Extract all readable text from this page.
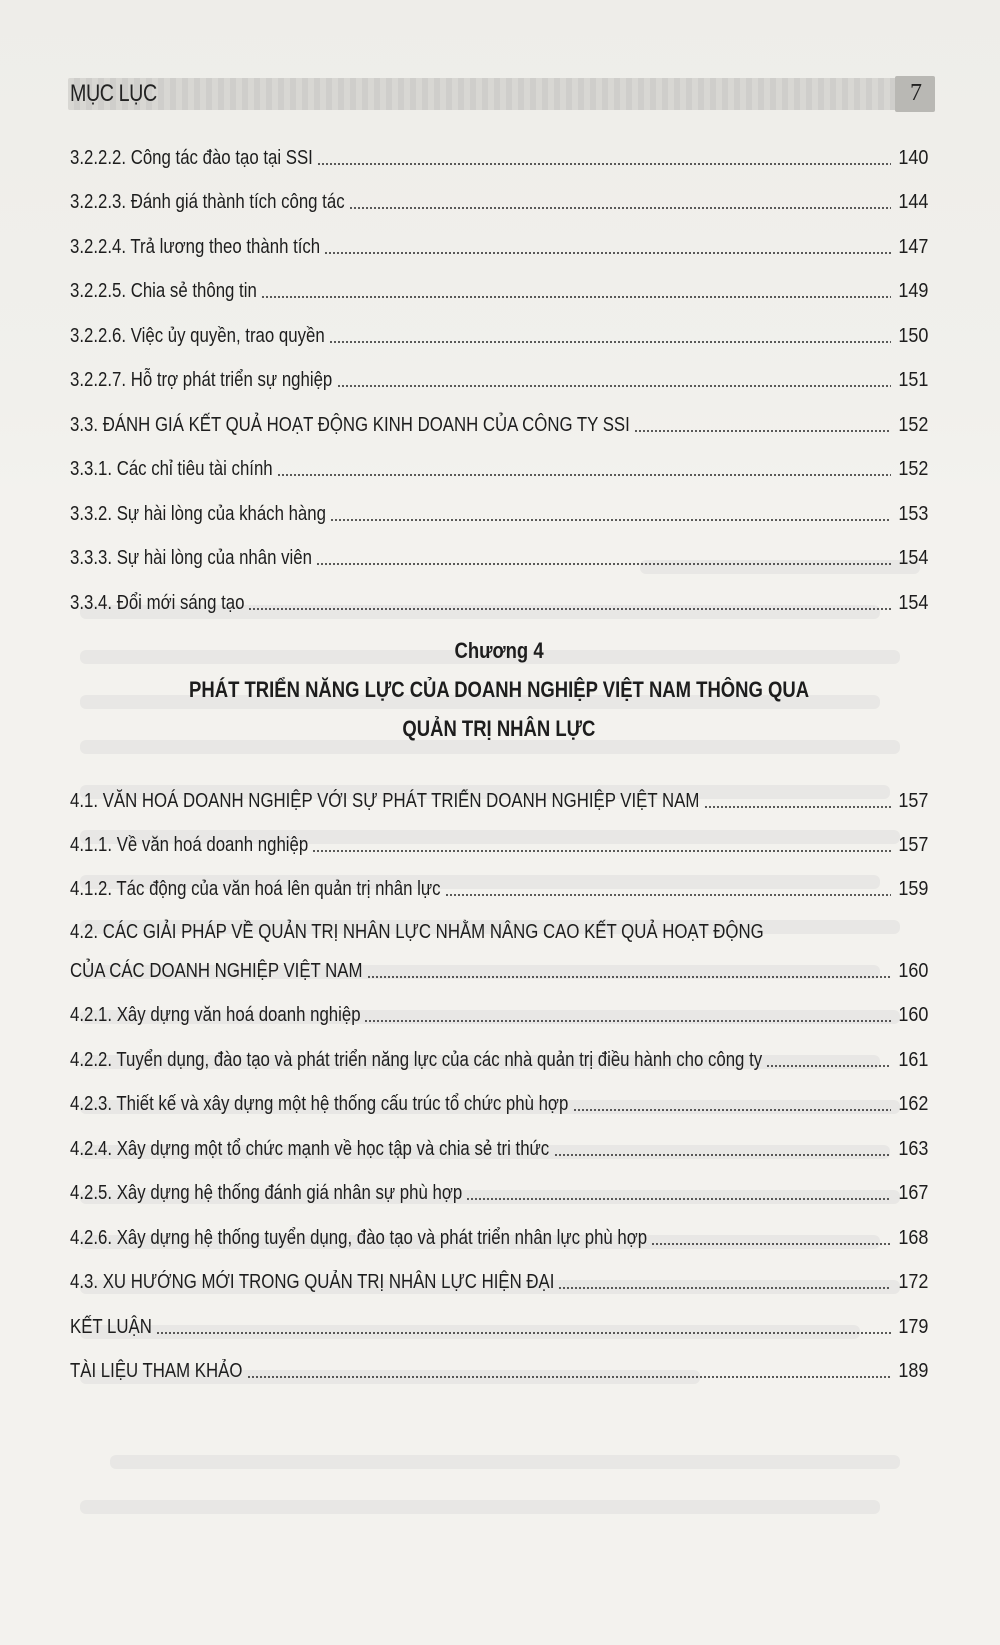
MỤC LỤC	7
3.2.2.2. Công tác đào tạo tại SSI	140
3.2.2.3. Đánh giá thành tích công tác	144
3.2.2.4. Trả lương theo thành tích	147
3.2.2.5. Chia sẻ thông tin	149
3.2.2.6. Việc ủy quyền, trao quyền	150
3.2.2.7. Hỗ trợ phát triển sự nghiệp	151
3.3. ĐÁNH GIÁ KẾT QUẢ HOẠT ĐỘNG KINH DOANH CỦA CÔNG TY SSI	152
3.3.1. Các chỉ tiêu tài chính	152
3.3.2. Sự hài lòng của khách hàng	153
3.3.3. Sự hài lòng của nhân viên	154
3.3.4. Đổi mới sáng tạo	154
Chương 4
PHÁT TRIỂN NĂNG LỰC CỦA DOANH NGHIỆP VIỆT NAM THÔNG QUA
QUẢN TRỊ NHÂN LỰC
4.1. VĂN HOÁ DOANH NGHIỆP VỚI SỰ PHÁT TRIỂN DOANH NGHIỆP VIỆT NAM	157
4.1.1. Về văn hoá doanh nghiệp	157
4.1.2. Tác động của văn hoá lên quản trị nhân lực	159
4.2. CÁC GIẢI PHÁP VỀ QUẢN TRỊ NHÂN LỰC NHẰM NÂNG CAO KẾT QUẢ HOẠT ĐỘNG
CỦA CÁC DOANH NGHIỆP VIỆT NAM	160
4.2.1. Xây dựng văn hoá doanh nghiệp	160
4.2.2. Tuyển dụng, đào tạo và phát triển năng lực của các nhà quản trị điều hành cho công ty	161
4.2.3. Thiết kế và xây dựng một hệ thống cấu trúc tổ chức phù hợp	162
4.2.4. Xây dựng một tổ chức mạnh về học tập và chia sẻ tri thức	163
4.2.5. Xây dựng hệ thống đánh giá nhân sự phù hợp	167
4.2.6. Xây dựng hệ thống tuyển dụng, đào tạo và phát triển nhân lực phù hợp	168
4.3. XU HƯỚNG MỚI TRONG QUẢN TRỊ NHÂN LỰC HIỆN ĐẠI	172
KẾT LUẬN	179
TÀI LIỆU THAM KHẢO	189
